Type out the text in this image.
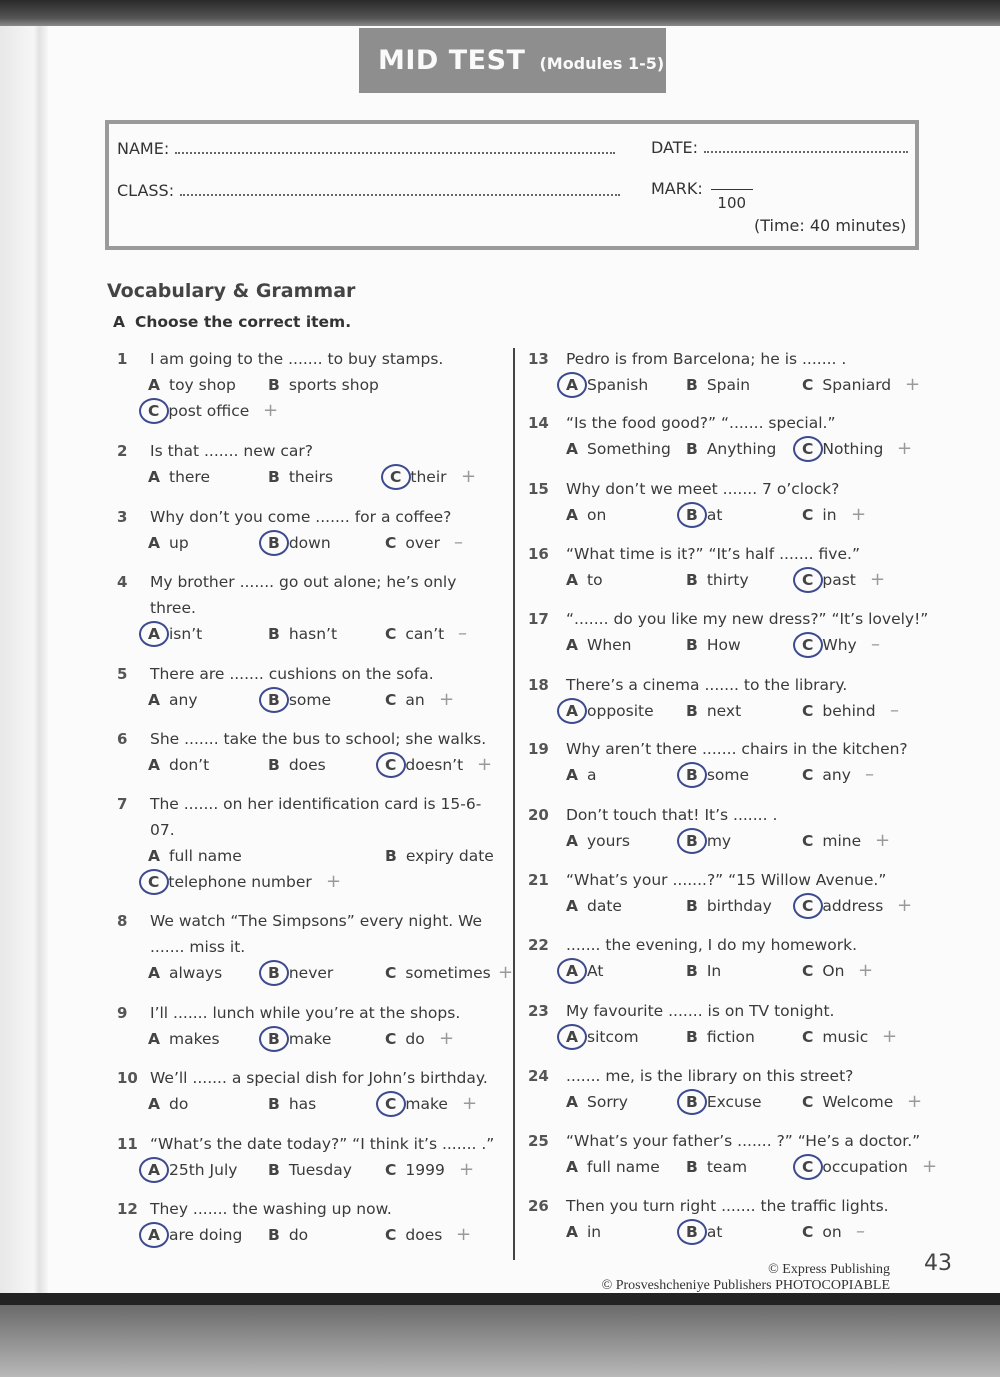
MID TEST (Modules 1-5)
NAME:	DATE:
CLASS:	MARK:
100
(Time: 40 minutes)
Vocabulary & Grammar
A Choose the correct item.
1 I am going to the ....... to buy stamps.
A toy shop B sports shop
C post office +
2 Is that ....... new car?
A there	B theirs	C their +
3 Why don’t you come ....... for a coffee?
A up	B down	C over –
4 My brother ....... go out alone; he’s only
three.
A isn’t	B hasn’t	C can’t –
5 There are ....... cushions on the sofa.
A any	B some	C an +
6 She ....... take the bus to school; she walks.
A don’t	B does	C doesn’t +
7 The ....... on her identification card is 15-6-
07.
A full name	B expiry date
C telephone number +
8 We watch “The Simpsons” every night. We
....... miss it.
A always	B never	C sometimes +
9 I’ll ....... lunch while you’re at the shops.
A makes	B make	C do +
10 We’ll ....... a special dish for John’s birthday.
A do	B has	C make +
11 “What’s the date today?” “I think it’s ....... .”
A 25th July B Tuesday C 1999 +
12 They ....... the washing up now.
A are doing B do	C does +
13 Pedro is from Barcelona; he is ....... .
A Spanish B Spain	C Spaniard +
14 “Is the food good?” “....... special.”
A Something B Anything C Nothing +
15 Why don’t we meet ....... 7 o’clock?
A on	B at	C in +
16 “What time is it?” “It’s half ....... five.”
A to	B thirty	C past +
17 “....... do you like my new dress?” “It’s lovely!”
A When	B How	C Why –
18 There’s a cinema ....... to the library.
A opposite B next	C behind –
19 Why aren’t there ....... chairs in the kitchen?
A a	B some	C any –
20 Don’t touch that! It’s ....... .
A yours	B my	C mine +
21 “What’s your .......?” “15 Willow Avenue.”
A date	B birthday C address +
22 ....... the evening, I do my homework.
A At	B In	C On +
23 My favourite ....... is on TV tonight.
A sitcom	B fiction	C music +
24 ....... me, is the library on this street?
A Sorry	B Excuse	C Welcome +
25 “What’s your father’s ....... ?” “He’s a doctor.”
A full name B team	C occupation +
26 Then you turn right ....... the traffic lights.
A in	B at	C on –
© Express Publishing
© Prosveshcheniye Publishers PHOTOCOPIABLE
43
